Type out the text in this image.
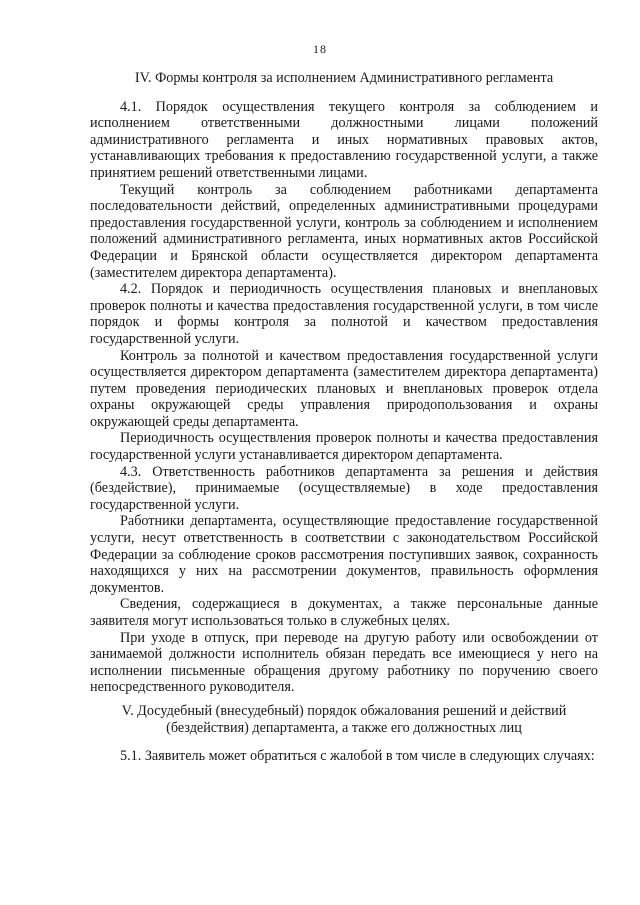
18
IV. Формы контроля за исполнением Административного регламента

4.1. Порядок осуществления текущего контроля за соблюдением и исполнением ответственными должностными лицами положений административного регламента и иных нормативных правовых актов, устанавливающих требования к предоставлению государственной услуги, а также принятием решений ответственными лицами.

Текущий контроль за соблюдением работниками департамента последовательности действий, определенных административными процедурами предоставления государственной услуги, контроль за соблюдением и исполнением положений административного регламента, иных нормативных актов Российской Федерации и Брянской области осуществляется директором департамента (заместителем директора департамента).

4.2. Порядок и периодичность осуществления плановых и внеплановых проверок полноты и качества предоставления государственной услуги, в том числе порядок и формы контроля за полнотой и качеством предоставления государственной услуги.

Контроль за полнотой и качеством предоставления государственной услуги осуществляется директором департамента (заместителем директора департамента) путем проведения периодических плановых и внеплановых проверок отдела охраны окружающей среды управления природопользования и охраны окружающей среды департамента.

Периодичность осуществления проверок полноты и качества предоставления государственной услуги устанавливается директором департамента.

4.3. Ответственность работников департамента за решения и действия (бездействие), принимаемые (осуществляемые) в ходе предоставления государственной услуги.

Работники департамента, осуществляющие предоставление государственной услуги, несут ответственность в соответствии с законодательством Российской Федерации за соблюдение сроков рассмотрения поступивших заявок, сохранность находящихся у них на рассмотрении документов, правильность оформления документов.

Сведения, содержащиеся в документах, а также персональные данные заявителя могут использоваться только в служебных целях.

При уходе в отпуск, при переводе на другую работу или освобождении от занимаемой должности исполнитель обязан передать все имеющиеся у него на исполнении письменные обращения другому работнику по поручению своего непосредственного руководителя.

V. Досудебный (внесудебный) порядок обжалования решений и действий
(бездействия) департамента, а также его должностных лиц

5.1. Заявитель может обратиться с жалобой в том числе в следующих случаях:
